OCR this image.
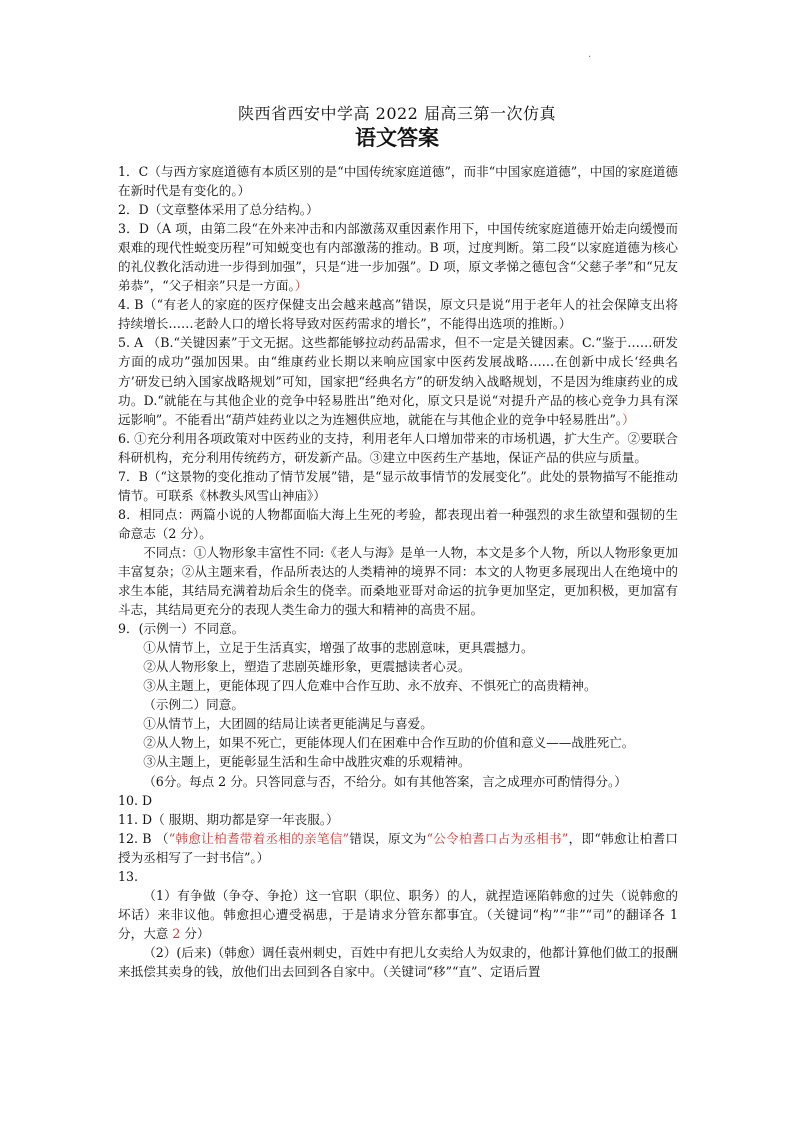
·
陕西省西安中学高 2022 届高三第一次仿真
语文答案

1．C（与西方家庭道德有本质区别的是“中国传统家庭道德”，而非“中国家庭道德”，中国的家庭道德在新时代是有变化的。）

2．D（文章整体采用了总分结构。）

3．D（A 项，由第二段“在外来冲击和内部激荡双重因素作用下，中国传统家庭道德开始走向缓慢而艰难的现代性蜕变历程”可知蜕变也有内部激荡的推动。B 项，过度判断。第二段“以家庭道德为核心的礼仪教化活动进一步得到加强”，只是“进一步加强”。D 项，原文孝悌之德包含“父慈子孝”和“兄友弟恭”，“父子相亲”只是一方面。）

4. B（“有老人的家庭的医疗保健支出会越来越高”错误，原文只是说“用于老年人的社会保障支出将持续增长……老龄人口的增长将导致对医药需求的增长”，不能得出选项的推断。）

5. A （B.“关键因素”于文无据。这些都能够拉动药品需求，但不一定是关键因素。C.“鉴于……研发方面的成功”强加因果。由“维康药业长期以来响应国家中医药发展战略……在创新中成长‘经典名方’研发已纳入国家战略规划”可知，国家把“经典名方”的研发纳入战略规划，不是因为维康药业的成功。D.“就能在与其他企业的竞争中轻易胜出”绝对化，原文只是说“对提升产品的核心竞争力具有深远影响”。不能看出“葫芦娃药业以之为连翘供应地，就能在与其他企业的竞争中轻易胜出”。）

6. ①充分利用各项政策对中医药业的支持，利用老年人口增加带来的市场机遇，扩大生产。②要联合科研机构，充分利用传统药方，研发新产品。③建立中医药生产基地，保证产品的供应与质量。

7．B（“这景物的变化推动了情节发展”错，是“显示故事情节的发展变化”。此处的景物描写不能推动情节。可联系《林教头风雪山神庙》）

8．相同点：两篇小说的人物都面临大海上生死的考验，都表现出着一种强烈的求生欲望和强韧的生命意志（2 分）。

不同点：①人物形象丰富性不同:《老人与海》是单一人物，本文是多个人物，所以人物形象更加丰富复杂；②从主题来看，作品所表达的人类精神的境界不同：本文的人物更多展现出人在绝境中的求生本能，其结局充满着劫后余生的侥幸。而桑地亚哥对命运的抗争更加坚定，更加积极，更加富有斗志，其结局更充分的表现人类生命力的强大和精神的高贵不屈。

9．(示例一）不同意。

①从情节上，立足于生活真实，增强了故事的悲剧意味，更具震撼力。

②从人物形象上，塑造了悲剧英雄形象，更震撼读者心灵。

③从主题上，更能体现了四人危难中合作互助、永不放弃、不惧死亡的高贵精神。

（示例二）同意。

①从情节上，大团圆的结局让读者更能满足与喜爱。

②从人物上，如果不死亡，更能体现人们在困难中合作互助的价值和意义——战胜死亡。

③从主题上，更能彰显生活和生命中战胜灾难的乐观精神。

（6分。每点 2 分。只答同意与否，不给分。如有其他答案，言之成理亦可酌情得分。）

10. D

11. D（ 服期、期功都是穿一年丧服。）

12. B （“韩愈让柏耆带着丞相的亲笔信”错误，原文为“公令柏耆口占为丞相书”，即“韩愈让柏耆口授为丞相写了一封书信”。）

13.

（1）有争做（争夺、争抢）这一官职（职位、职务）的人，就捏造诬陷韩愈的过失（说韩愈的坏话）来非议他。韩愈担心遭受祸患，于是请求分管东都事宜。（关键词“构”“非”“司”的翻译各 1 分，大意 2 分）

（2）(后来)（韩愈）调任袁州刺史，百姓中有把儿女卖给人为奴隶的，他都计算他们做工的报酬来抵偿其卖身的钱，放他们出去回到各自家中。（关键词“移”“直”、定语后置
